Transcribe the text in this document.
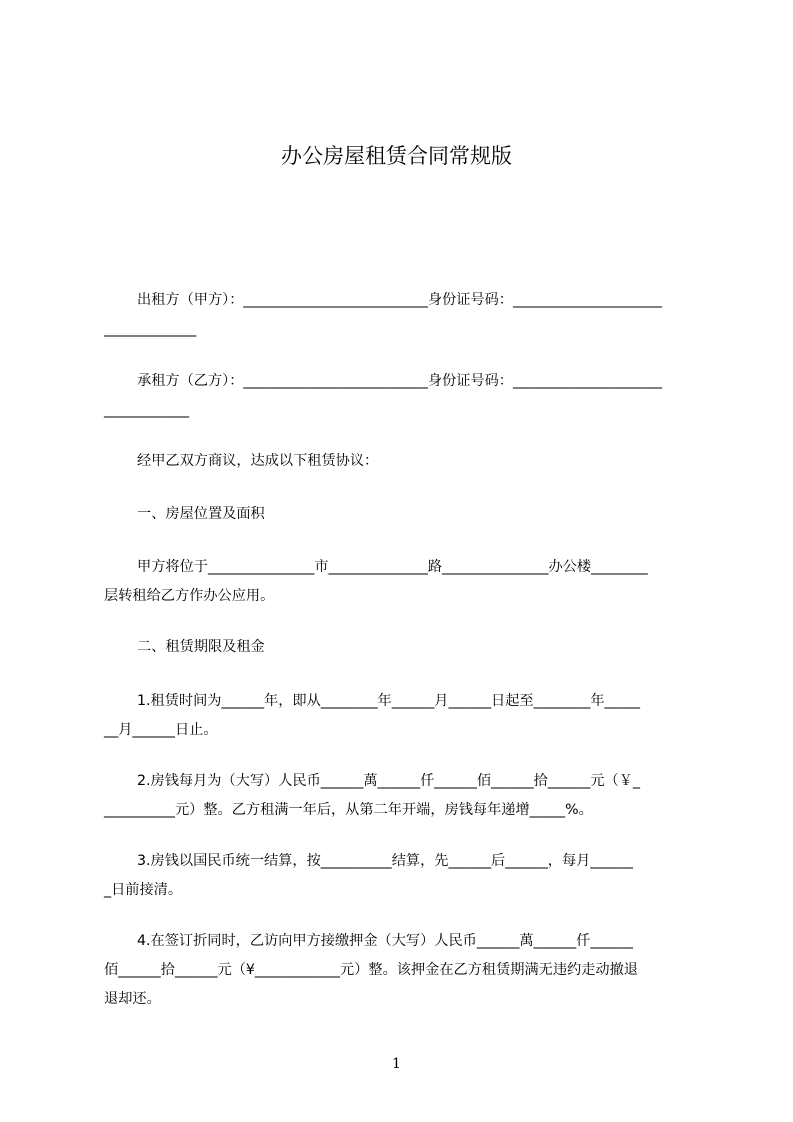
办公房屋租赁合同常规版
出租方（甲方）：__________________________身份证号码：_____________________
_____________
承租方（乙方）：__________________________身份证号码：_____________________
____________
经甲乙双方商议，达成以下租赁协议：
一、房屋位置及面积
甲方将位于_______________市______________路_______________办公楼________
层转租给乙方作办公应用。
二、租赁期限及租金
1.租赁时间为______年，即从________年______月______日起至________年_____
__月______日止。
2.房钱每月为（大写）人民币______萬______仟______佰______拾______元（￥_
__________元）整。乙方租满一年后，从第二年开端，房钱每年递增_____%。
3.房钱以国民币统一结算，按__________结算，先______后______，每月______
_日前接清。
4.在签订折同时，乙访向甲方接缴押金（大写）人民币______萬______仟______
佰______拾______元（¥____________元）整。该押金在乙方租赁期满无违约走动撤退
退却还。
1
